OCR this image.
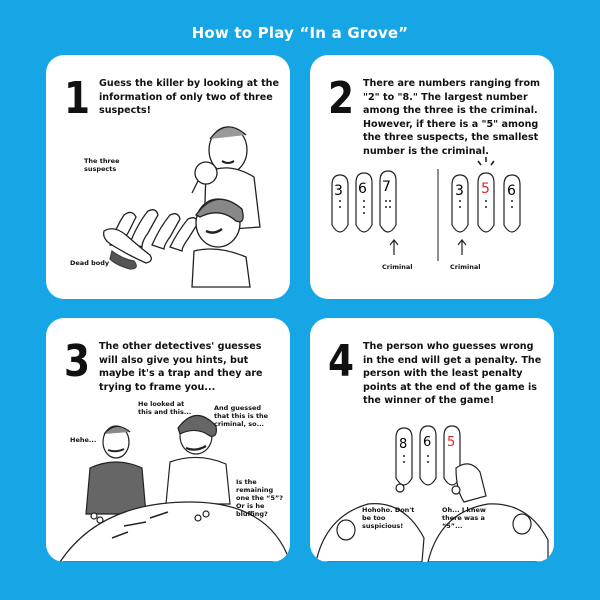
How to Play “In a Grove”
1 Guess the killer by looking at the information of only two of three suspects!
The three suspects
Dead body
2 There are numbers ranging from "2" to "8." The largest number among the three is the criminal. However, if there is a "5" among the three suspects, the smallest number is the criminal.
3 6 7	3 5 6
Criminal	Criminal
3 The other detectives' guesses will also give you hints, but maybe it's a trap and they are trying to frame you...
Hehe...
He looked at this and this...	And guessed that this is the criminal, so...
Is the remaining one the “5”? Or is he bluffing?
4 The person who guesses wrong in the end will get a penalty. The person with the least penalty points at the end of the game is the winner of the game!
8 6 5
Hohoho. Don't be too suspicious!
Oh... I knew there was a “5”...
